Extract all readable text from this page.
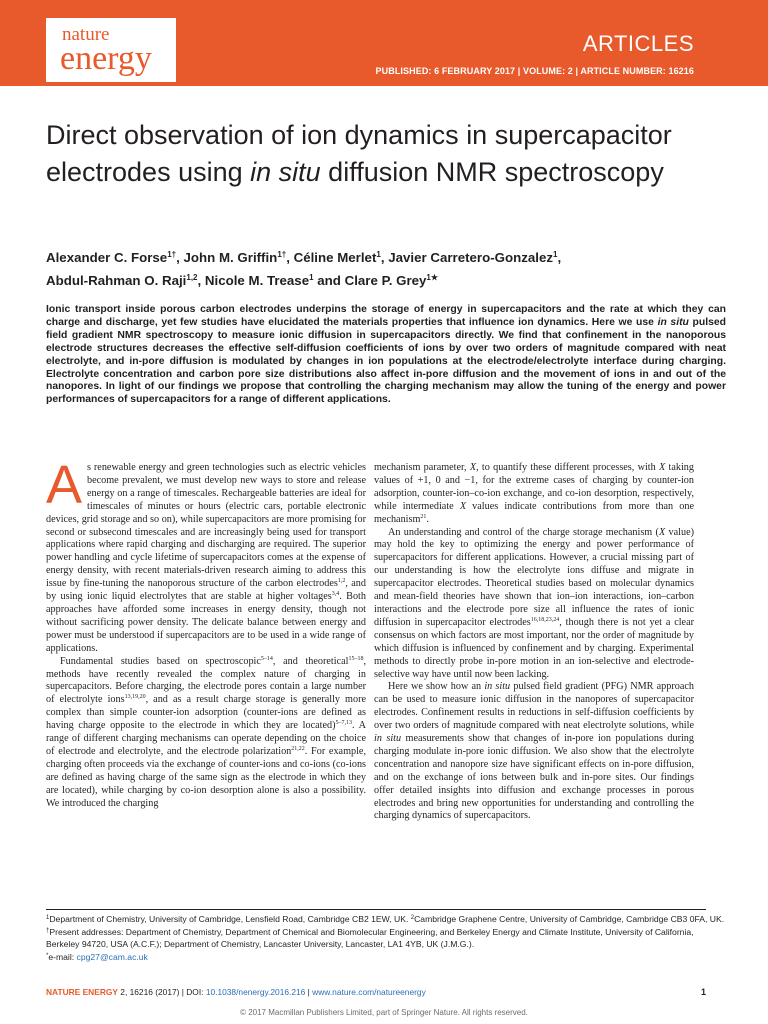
nature
energy	ARTICLES
PUBLISHED: 6 FEBRUARY 2017 | VOLUME: 2 | ARTICLE NUMBER: 16216
Direct observation of ion dynamics in supercapacitor electrodes using in situ diffusion NMR spectroscopy
Alexander C. Forse$^{1\dagger}$, John M. Griffin$^{1\dagger}$, Céline Merlet$^1$, Javier Carretero-Gonzalez$^1$,
Abdul-Rahman O. Raji$^{1,2}$, Nicole M. Trease$^1$ and Clare P. Grey$^{1★}$

Ionic transport inside porous carbon electrodes underpins the storage of energy in supercapacitors and the rate at which they can charge and discharge, yet few studies have elucidated the materials properties that influence ion dynamics. Here we use in situ pulsed field gradient NMR spectroscopy to measure ionic diffusion in supercapacitors directly. We find that confinement in the nanoporous electrode structures decreases the effective self-diffusion coefficients of ions by over two orders of magnitude compared with neat electrolyte, and in-pore diffusion is modulated by changes in ion populations at the electrode/electrolyte interface during charging. Electrolyte concentration and carbon pore size distributions also affect in-pore diffusion and the movement of ions in and out of the nanopores. In light of our findings we propose that controlling the charging mechanism may allow the tuning of the energy and power performances of supercapacitors for a range of different applications.

As renewable energy and green technologies such as electric vehicles become prevalent, we must develop new ways to store and release energy on a range of timescales. Rechargeable batteries are ideal for timescales of minutes or hours (electric cars, portable electronic devices, grid storage and so on), while supercapacitors are more promising for second or subsecond timescales and are increasingly being used for transport applications where rapid charging and discharging are required. The superior power handling and cycle lifetime of supercapacitors comes at the expense of energy density, with recent materials-driven research aiming to address this issue by fine-tuning the nanoporous structure of the carbon electrodes$^{1,2}$, and by using ionic liquid electrolytes that are stable at higher voltages$^{3,4}$. Both approaches have afforded some increases in energy density, though not without sacrificing power density. The delicate balance between energy and power must be understood if supercapacitors are to be used in a wide range of applications.

Fundamental studies based on spectroscopic$^{5-14}$, and theoretical$^{15-18}$, methods have recently revealed the complex nature of charging in supercapacitors. Before charging, the electrode pores contain a large number of electrolyte ions$^{13,19,20}$, and as a result charge storage is generally more complex than simple counter-ion adsorption (counter-ions are defined as having charge opposite to the electrode in which they are located)$^{5-7,13}$. A range of different charging mechanisms can operate depending on the choice of electrode and electrolyte, and the electrode polarization$^{21,22}$. For example, charging often proceeds via the exchange of counter-ions and co-ions (co-ions are defined as having charge of the same sign as the electrode in which they are located), while charging by co-ion desorption alone is also a possibility. We introduced the charging

mechanism parameter, X, to quantify these different processes, with X taking values of +1, 0 and −1, for the extreme cases of charging by counter-ion adsorption, counter-ion–co-ion exchange, and co-ion desorption, respectively, while intermediate X values indicate contributions from more than one mechanism$^{21}$.

An understanding and control of the charge storage mechanism (X value) may hold the key to optimizing the energy and power performance of supercapacitors for different applications. However, a crucial missing part of our understanding is how the electrolyte ions diffuse and migrate in supercapacitor electrodes. Theoretical studies based on molecular dynamics and mean-field theories have shown that ion–ion interactions, ion–carbon interactions and the electrode pore size all influence the rates of ionic diffusion in supercapacitor electrodes$^{16,18,23,24}$, though there is not yet a clear consensus on which factors are most important, nor the order of magnitude by which diffusion is influenced by confinement and by charging. Experimental methods to directly probe in-pore motion in an ion-selective and electrode-selective way have until now been lacking.

Here we show how an in situ pulsed field gradient (PFG) NMR approach can be used to measure ionic diffusion in the nanopores of supercapacitor electrodes. Confinement results in reductions in self-diffusion coefficients by over two orders of magnitude compared with neat electrolyte solutions, while in situ measurements show that changes of in-pore ion populations during charging modulate in-pore ionic diffusion. We also show that the electrolyte concentration and nanopore size have significant effects on in-pore diffusion, and on the exchange of ions between bulk and in-pore sites. Our findings offer detailed insights into diffusion and exchange processes in porous electrodes and bring new opportunities for understanding and controlling the charging dynamics of supercapacitors.

$^1$Department of Chemistry, University of Cambridge, Lensfield Road, Cambridge CB2 1EW, UK. $^2$Cambridge Graphene Centre, University of Cambridge, Cambridge CB3 0FA, UK. †Present addresses: Department of Chemistry, Department of Chemical and Biomolecular Engineering, and Berkeley Energy and Climate Institute, University of California, Berkeley 94720, USA (A.C.F.); Department of Chemistry, Lancaster University, Lancaster, LA1 4YB, UK (J.M.G.).
*e-mail: cpg27@cam.ac.uk
NATURE ENERGY 2, 16216 (2017) | DOI: 10.1038/nenergy.2016.216 | www.nature.com/natureenergy	1
© 2017 Macmillan Publishers Limited, part of Springer Nature. All rights reserved.
